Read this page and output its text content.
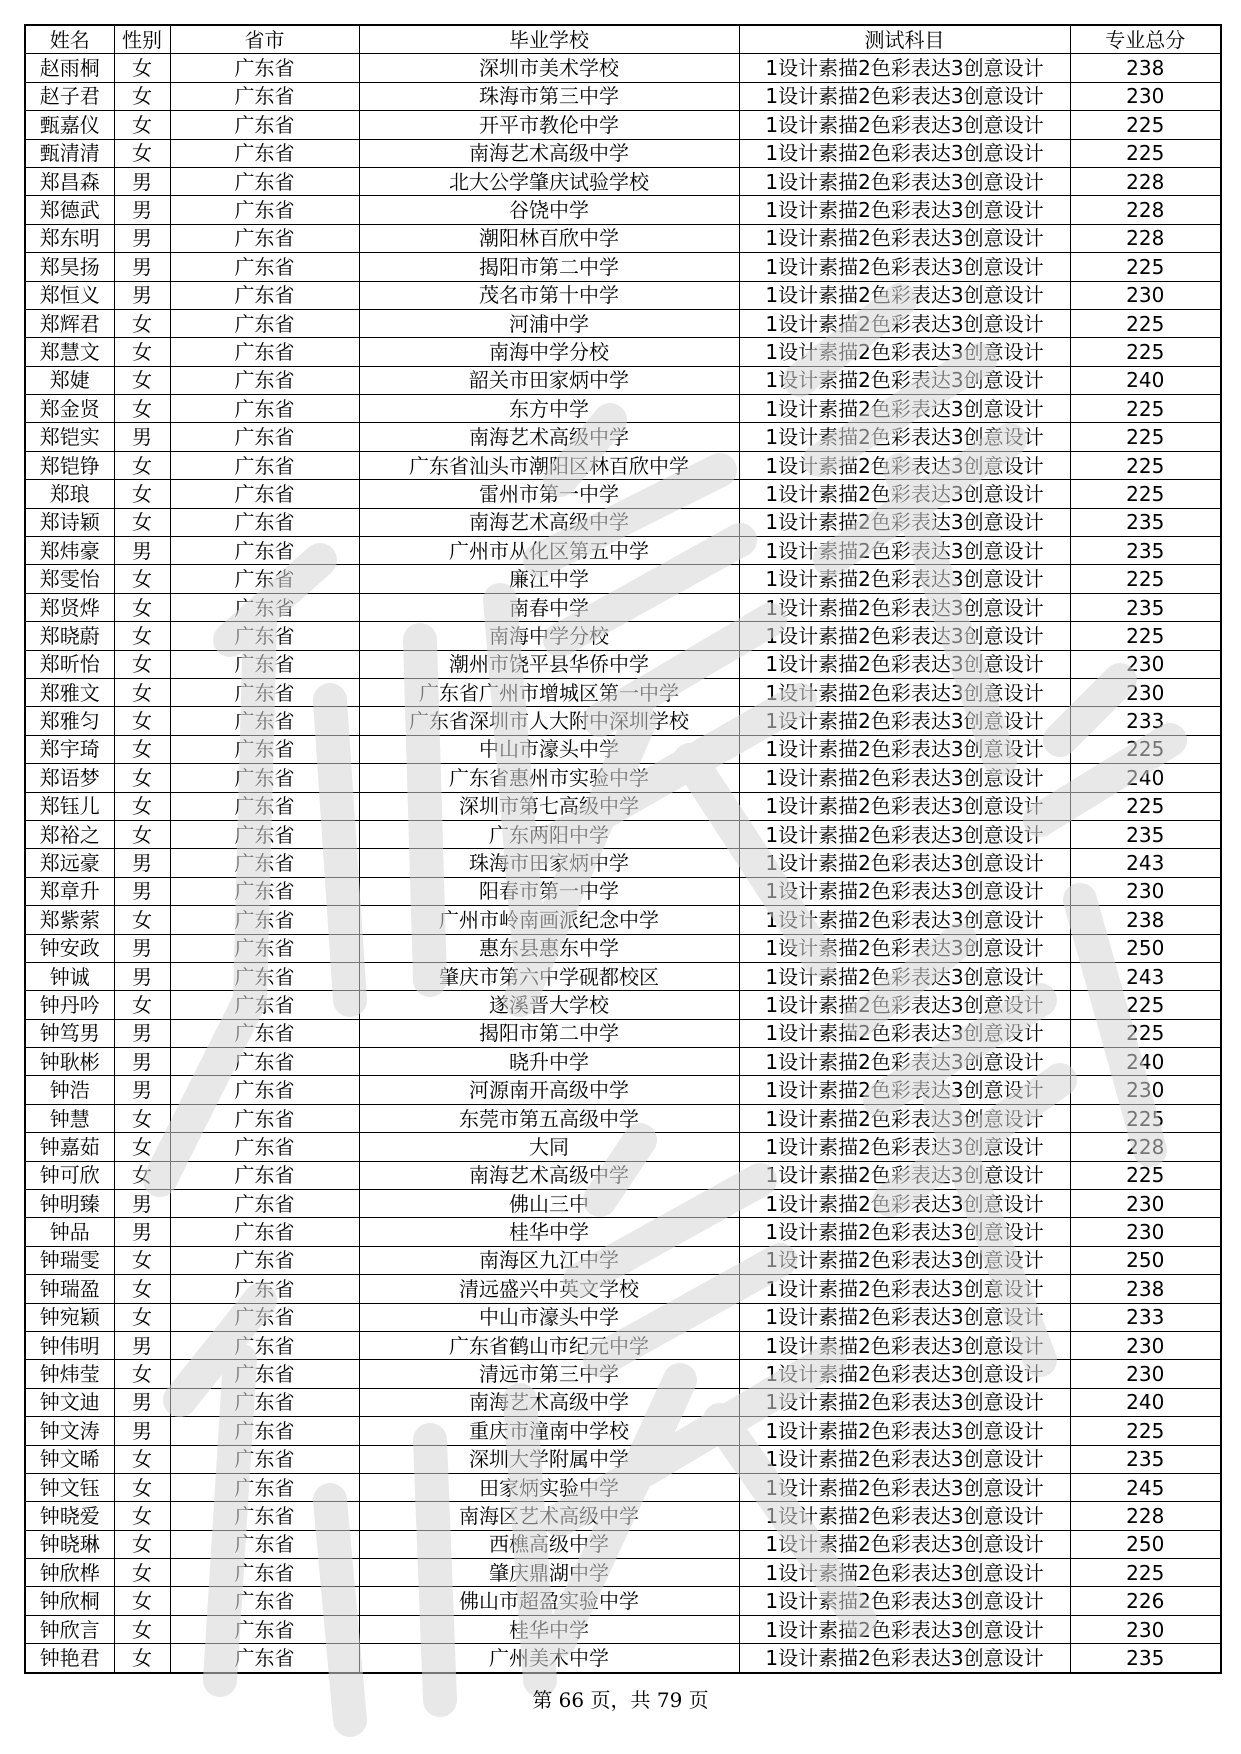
姓名	性别	省市	毕业学校	测试科目	专业总分
赵雨桐	女	广东省	深圳市美术学校	1设计素描2色彩表达3创意设计	238
赵子君	女	广东省	珠海市第三中学	1设计素描2色彩表达3创意设计	230
甄嘉仪	女	广东省	开平市教伦中学	1设计素描2色彩表达3创意设计	225
甄清清	女	广东省	南海艺术高级中学	1设计素描2色彩表达3创意设计	225
郑昌森	男	广东省	北大公学肇庆试验学校	1设计素描2色彩表达3创意设计	228
郑德武	男	广东省	谷饶中学	1设计素描2色彩表达3创意设计	228
郑东明	男	广东省	潮阳林百欣中学	1设计素描2色彩表达3创意设计	228
郑昊扬	男	广东省	揭阳市第二中学	1设计素描2色彩表达3创意设计	225
郑恒义	男	广东省	茂名市第十中学	1设计素描2色彩表达3创意设计	230
郑辉君	女	广东省	河浦中学	1设计素描2色彩表达3创意设计	225
郑慧文	女	广东省	南海中学分校	1设计素描2色彩表达3创意设计	225
郑婕	女	广东省	韶关市田家炳中学	1设计素描2色彩表达3创意设计	240
郑金贤	女	广东省	东方中学	1设计素描2色彩表达3创意设计	225
郑铠实	男	广东省	南海艺术高级中学	1设计素描2色彩表达3创意设计	225
郑铠铮	女	广东省	广东省汕头市潮阳区林百欣中学	1设计素描2色彩表达3创意设计	225
郑琅	女	广东省	雷州市第一中学	1设计素描2色彩表达3创意设计	225
郑诗颖	女	广东省	南海艺术高级中学	1设计素描2色彩表达3创意设计	235
郑炜豪	男	广东省	广州市从化区第五中学	1设计素描2色彩表达3创意设计	235
郑雯怡	女	广东省	廉江中学	1设计素描2色彩表达3创意设计	225
郑贤烨	女	广东省	南春中学	1设计素描2色彩表达3创意设计	235
郑晓蔚	女	广东省	南海中学分校	1设计素描2色彩表达3创意设计	225
郑昕怡	女	广东省	潮州市饶平县华侨中学	1设计素描2色彩表达3创意设计	230
郑雅文	女	广东省	广东省广州市增城区第一中学	1设计素描2色彩表达3创意设计	230
郑雅匀	女	广东省	广东省深圳市人大附中深圳学校	1设计素描2色彩表达3创意设计	233
郑宇琦	女	广东省	中山市濠头中学	1设计素描2色彩表达3创意设计	225
郑语梦	女	广东省	广东省惠州市实验中学	1设计素描2色彩表达3创意设计	240
郑钰儿	女	广东省	深圳市第七高级中学	1设计素描2色彩表达3创意设计	225
郑裕之	女	广东省	广东两阳中学	1设计素描2色彩表达3创意设计	235
郑远豪	男	广东省	珠海市田家炳中学	1设计素描2色彩表达3创意设计	243
郑章升	男	广东省	阳春市第一中学	1设计素描2色彩表达3创意设计	230
郑紫萦	女	广东省	广州市岭南画派纪念中学	1设计素描2色彩表达3创意设计	238
钟安政	男	广东省	惠东县惠东中学	1设计素描2色彩表达3创意设计	250
钟诚	男	广东省	肇庆市第六中学砚都校区	1设计素描2色彩表达3创意设计	243
钟丹吟	女	广东省	遂溪晋大学校	1设计素描2色彩表达3创意设计	225
钟笃男	男	广东省	揭阳市第二中学	1设计素描2色彩表达3创意设计	225
钟耿彬	男	广东省	晓升中学	1设计素描2色彩表达3创意设计	240
钟浩	男	广东省	河源南开高级中学	1设计素描2色彩表达3创意设计	230
钟慧	女	广东省	东莞市第五高级中学	1设计素描2色彩表达3创意设计	225
钟嘉茹	女	广东省	大同	1设计素描2色彩表达3创意设计	228
钟可欣	女	广东省	南海艺术高级中学	1设计素描2色彩表达3创意设计	225
钟明臻	男	广东省	佛山三中	1设计素描2色彩表达3创意设计	230
钟品	男	广东省	桂华中学	1设计素描2色彩表达3创意设计	230
钟瑞雯	女	广东省	南海区九江中学	1设计素描2色彩表达3创意设计	250
钟瑞盈	女	广东省	清远盛兴中英文学校	1设计素描2色彩表达3创意设计	238
钟宛颖	女	广东省	中山市濠头中学	1设计素描2色彩表达3创意设计	233
钟伟明	男	广东省	广东省鹤山市纪元中学	1设计素描2色彩表达3创意设计	230
钟炜莹	女	广东省	清远市第三中学	1设计素描2色彩表达3创意设计	230
钟文迪	男	广东省	南海艺术高级中学	1设计素描2色彩表达3创意设计	240
钟文涛	男	广东省	重庆市潼南中学校	1设计素描2色彩表达3创意设计	225
钟文晞	女	广东省	深圳大学附属中学	1设计素描2色彩表达3创意设计	235
钟文钰	女	广东省	田家炳实验中学	1设计素描2色彩表达3创意设计	245
钟晓爱	女	广东省	南海区艺术高级中学	1设计素描2色彩表达3创意设计	228
钟晓琳	女	广东省	西樵高级中学	1设计素描2色彩表达3创意设计	250
钟欣桦	女	广东省	肇庆鼎湖中学	1设计素描2色彩表达3创意设计	225
钟欣桐	女	广东省	佛山市超盈实验中学	1设计素描2色彩表达3创意设计	226
钟欣言	女	广东省	桂华中学	1设计素描2色彩表达3创意设计	230
钟艳君	女	广东省	广州美术中学	1设计素描2色彩表达3创意设计	235
第 66 页，共 79 页
